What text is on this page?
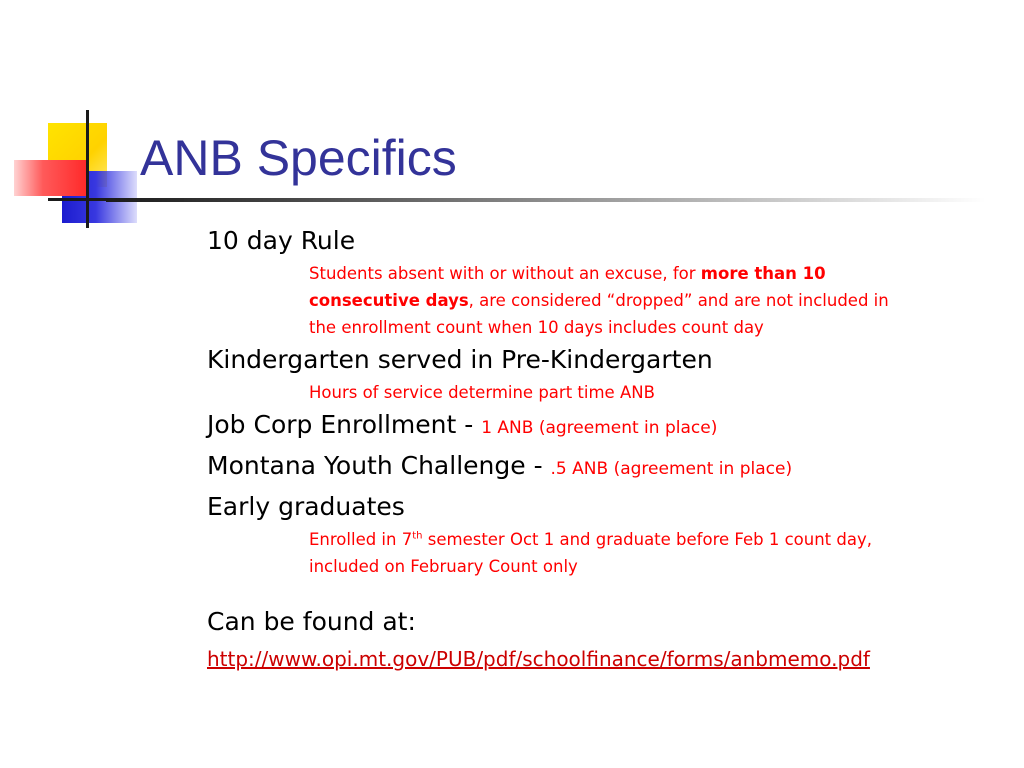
ANB Specifics
10 day Rule
Students absent with or without an excuse, for more than 10 consecutive days, are considered “dropped” and are not included in the enrollment count when 10 days includes count day
Kindergarten served in Pre-Kindergarten
Hours of service determine part time ANB
Job Corp Enrollment - 1 ANB (agreement in place)
Montana Youth Challenge - .5 ANB (agreement in place)
Early graduates
Enrolled in 7th semester Oct 1 and graduate before Feb 1 count day, included on February Count only
Can be found at:
http://www.opi.mt.gov/PUB/pdf/schoolfinance/forms/anbmemo.pdf
